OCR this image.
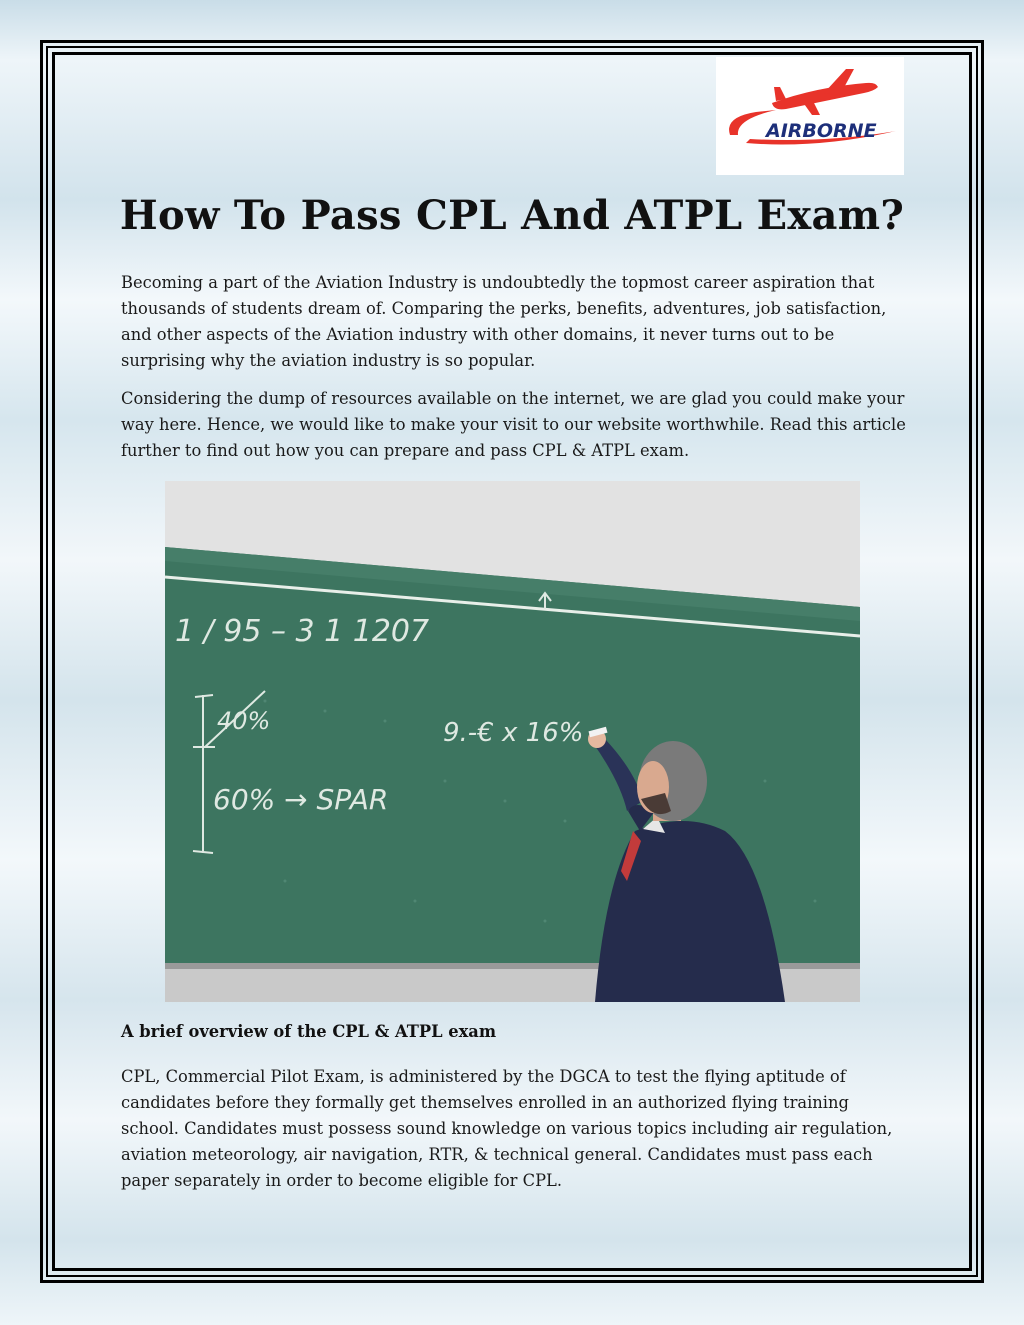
AIRBORNE
How To Pass CPL And ATPL Exam?

Becoming a part of the Aviation Industry is undoubtedly the topmost career aspiration that thousands of students dream of. Comparing the perks, benefits, adventures, job satisfaction, and other aspects of the Aviation industry with other domains, it never turns out to be surprising why the aviation industry is so popular.

Considering the dump of resources available on the internet, we are glad you could make your way here. Hence, we would like to make your visit to our website worthwhile. Read this article further to find out how you can prepare and pass CPL & ATPL exam.

1 / 95 – 3 1 1207
40%	9.-€ x 16%
60% → SPAR

A brief overview of the CPL & ATPL exam

CPL, Commercial Pilot Exam, is administered by the DGCA to test the flying aptitude of candidates before they formally get themselves enrolled in an authorized flying training school. Candidates must possess sound knowledge on various topics including air regulation, aviation meteorology, air navigation, RTR, & technical general. Candidates must pass each paper separately in order to become eligible for CPL.
